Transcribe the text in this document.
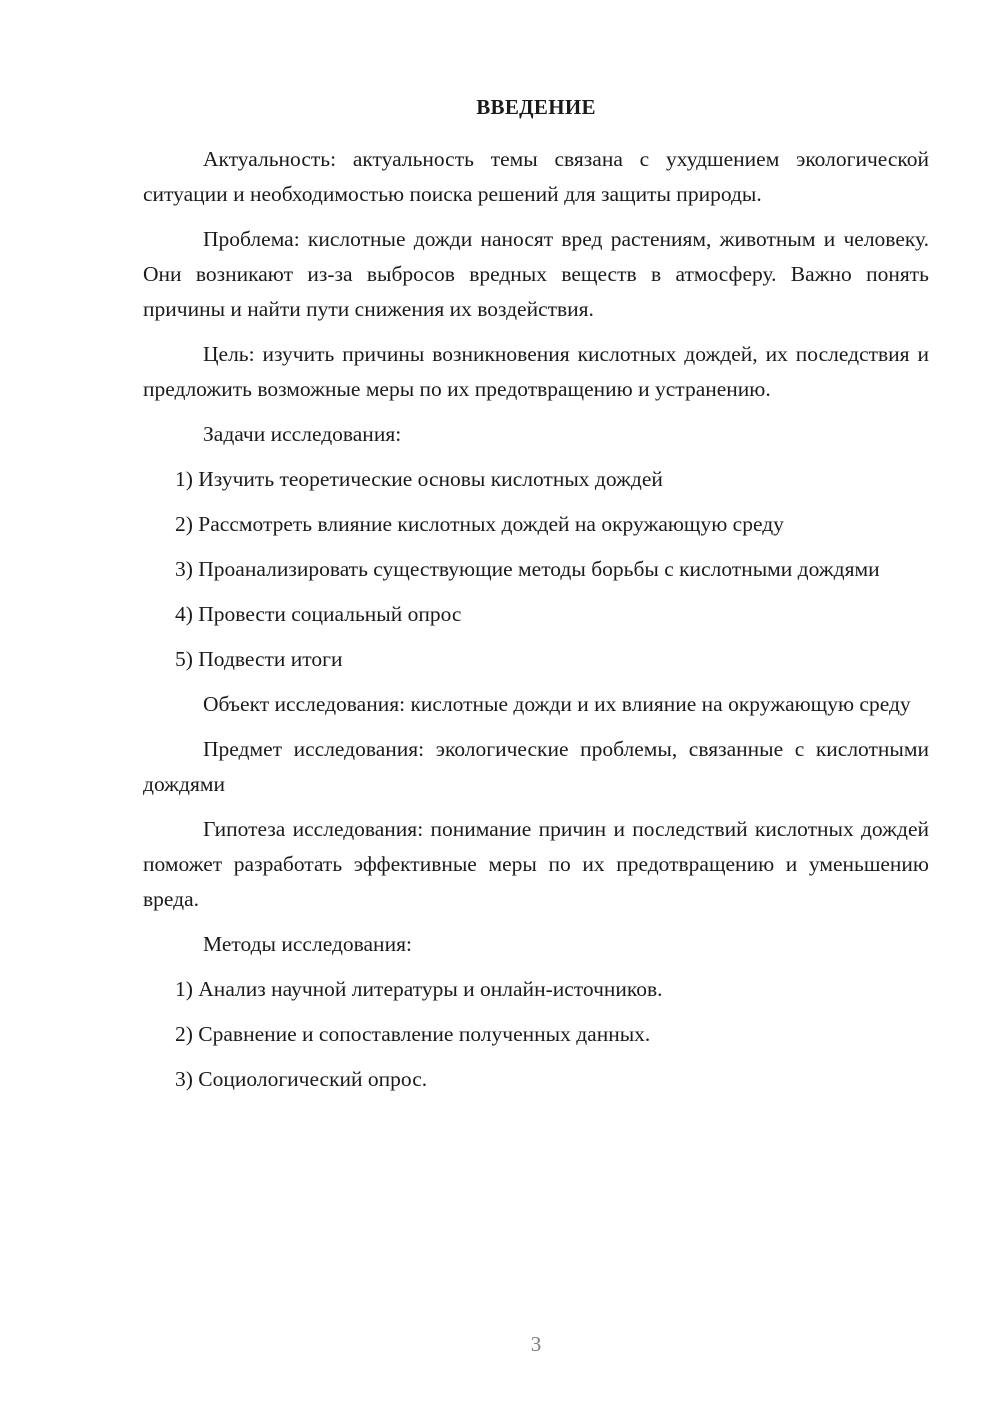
ВВЕДЕНИЕ

Актуальность: актуальность темы связана с ухудшением экологической ситуации и необходимостью поиска решений для защиты природы.

Проблема: кислотные дожди наносят вред растениям, животным и человеку. Они возникают из-за выбросов вредных веществ в атмосферу. Важно понять причины и найти пути снижения их воздействия.

Цель: изучить причины возникновения кислотных дождей, их последствия и предложить возможные меры по их предотвращению и устранению.

Задачи исследования:

1) Изучить теоретические основы кислотных дождей

2) Рассмотреть влияние кислотных дождей на окружающую среду

3) Проанализировать существующие методы борьбы с кислотными дождями

4) Провести социальный опрос

5) Подвести итоги

Объект исследования: кислотные дожди и их влияние на окружающую среду

Предмет исследования: экологические проблемы, связанные с кислотными дождями

Гипотеза исследования: понимание причин и последствий кислотных дождей поможет разработать эффективные меры по их предотвращению и уменьшению вреда.

Методы исследования:

1) Анализ научной литературы и онлайн-источников.

2) Сравнение и сопоставление полученных данных.

3) Социологический опрос.

3
